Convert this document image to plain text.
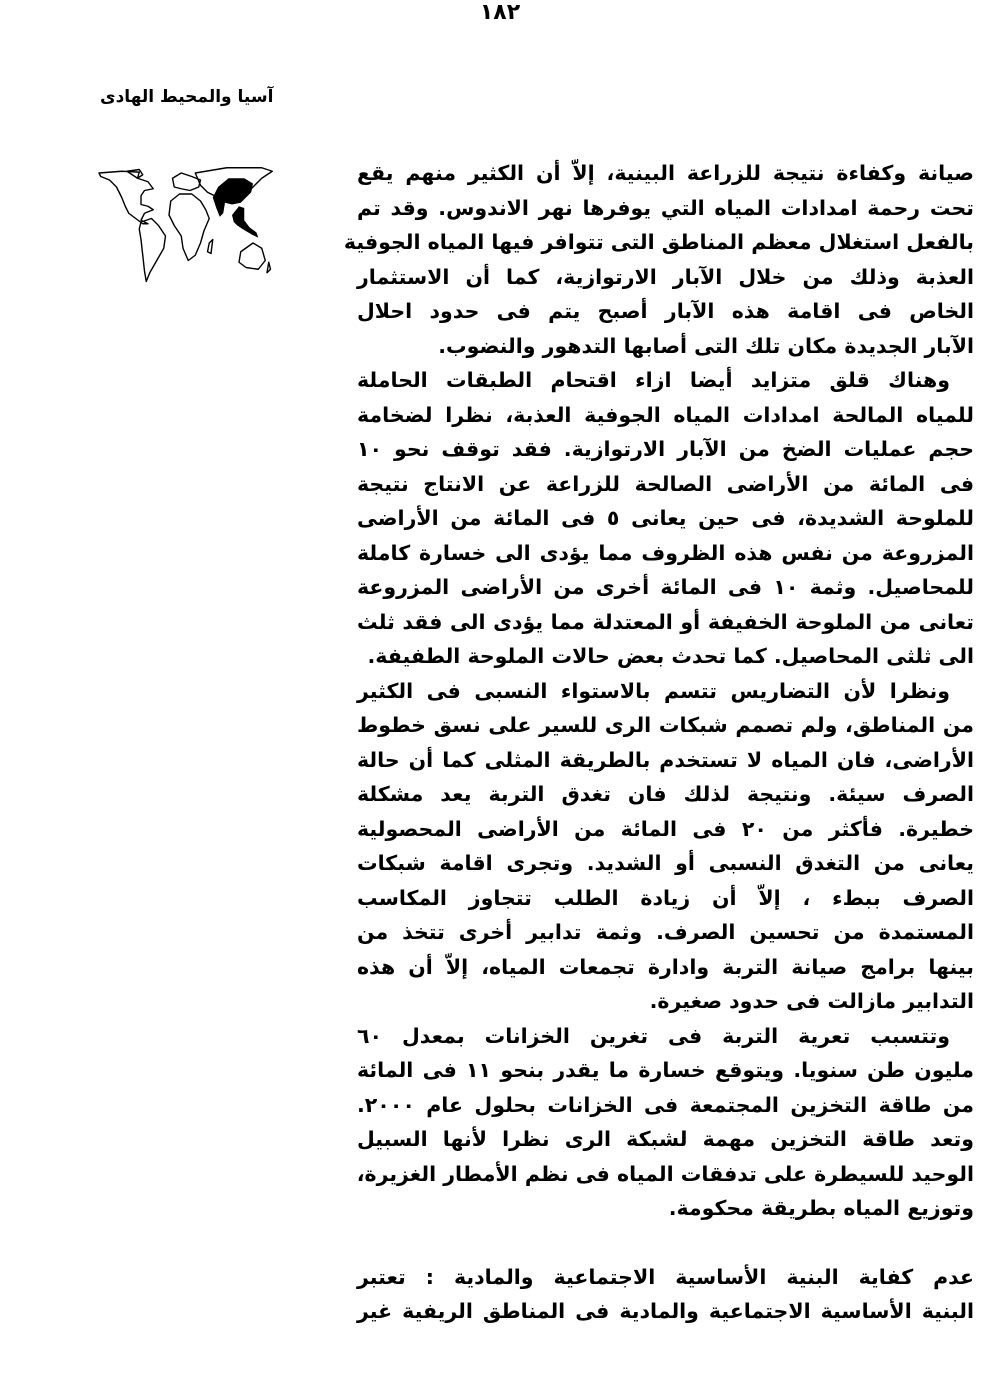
١٨٢
آسيا والمحيط الهادى
صيانة وكفاءة نتيجة للزراعة البينية، إلاّ أن الكثير منهم يقع
تحت رحمة امدادات المياه التي يوفرها نهر الاندوس. وقد تم
بالفعل استغلال معظم المناطق التى تتوافر فيها المياه الجوفية
العذبة وذلك من خلال الآبار الارتوازية، كما أن الاستثمار
الخاص فى اقامة هذه الآبار أصبح يتم فى حدود احلال
الآبار الجديدة مكان تلك التى أصابها التدهور والنضوب.
وهناك قلق متزايد أيضا ازاء اقتحام الطبقات الحاملة
للمياه المالحة امدادات المياه الجوفية العذبة، نظرا لضخامة
حجم عمليات الضخ من الآبار الارتوازية. فقد توقف نحو ١٠
فى المائة من الأراضى الصالحة للزراعة عن الانتاج نتيجة
للملوحة الشديدة، فى حين يعانى ٥ فى المائة من الأراضى
المزروعة من نفس هذه الظروف مما يؤدى الى خسارة كاملة
للمحاصيل. وثمة ١٠ فى المائة أخرى من الأراضى المزروعة
تعانى من الملوحة الخفيفة أو المعتدلة مما يؤدى الى فقد ثلث
الى ثلثى المحاصيل. كما تحدث بعض حالات الملوحة الطفيفة.
ونظرا لأن التضاريس تتسم بالاستواء النسبى فى الكثير
من المناطق، ولم تصمم شبكات الرى للسير على نسق خطوط
الأراضى، فان المياه لا تستخدم بالطريقة المثلى كما أن حالة
الصرف سيئة. ونتيجة لذلك فان تغدق التربة يعد مشكلة
خطيرة. فأكثر من ٢٠ فى المائة من الأراضى المحصولية
يعانى من التغدق النسبى أو الشديد. وتجرى اقامة شبكات
الصرف ببطء ، إلاّ أن زيادة الطلب تتجاوز المكاسب
المستمدة من تحسين الصرف. وثمة تدابير أخرى تتخذ من
بينها برامج صيانة التربة وادارة تجمعات المياه، إلاّ أن هذه
التدابير مازالت فى حدود صغيرة.
وتتسبب تعرية التربة فى تغرين الخزانات بمعدل ٦٠
مليون طن سنويا. ويتوقع خسارة ما يقدر بنحو ١١ فى المائة
من طاقة التخزين المجتمعة فى الخزانات بحلول عام ٢٠٠٠.
وتعد طاقة التخزين مهمة لشبكة الرى نظرا لأنها السبيل
الوحيد للسيطرة على تدفقات المياه فى نظم الأمطار الغزيرة،
وتوزيع المياه بطريقة محكومة.
عدم كفاية البنية الأساسية الاجتماعية والمادية : تعتبر
البنية الأساسية الاجتماعية والمادية فى المناطق الريفية غير
